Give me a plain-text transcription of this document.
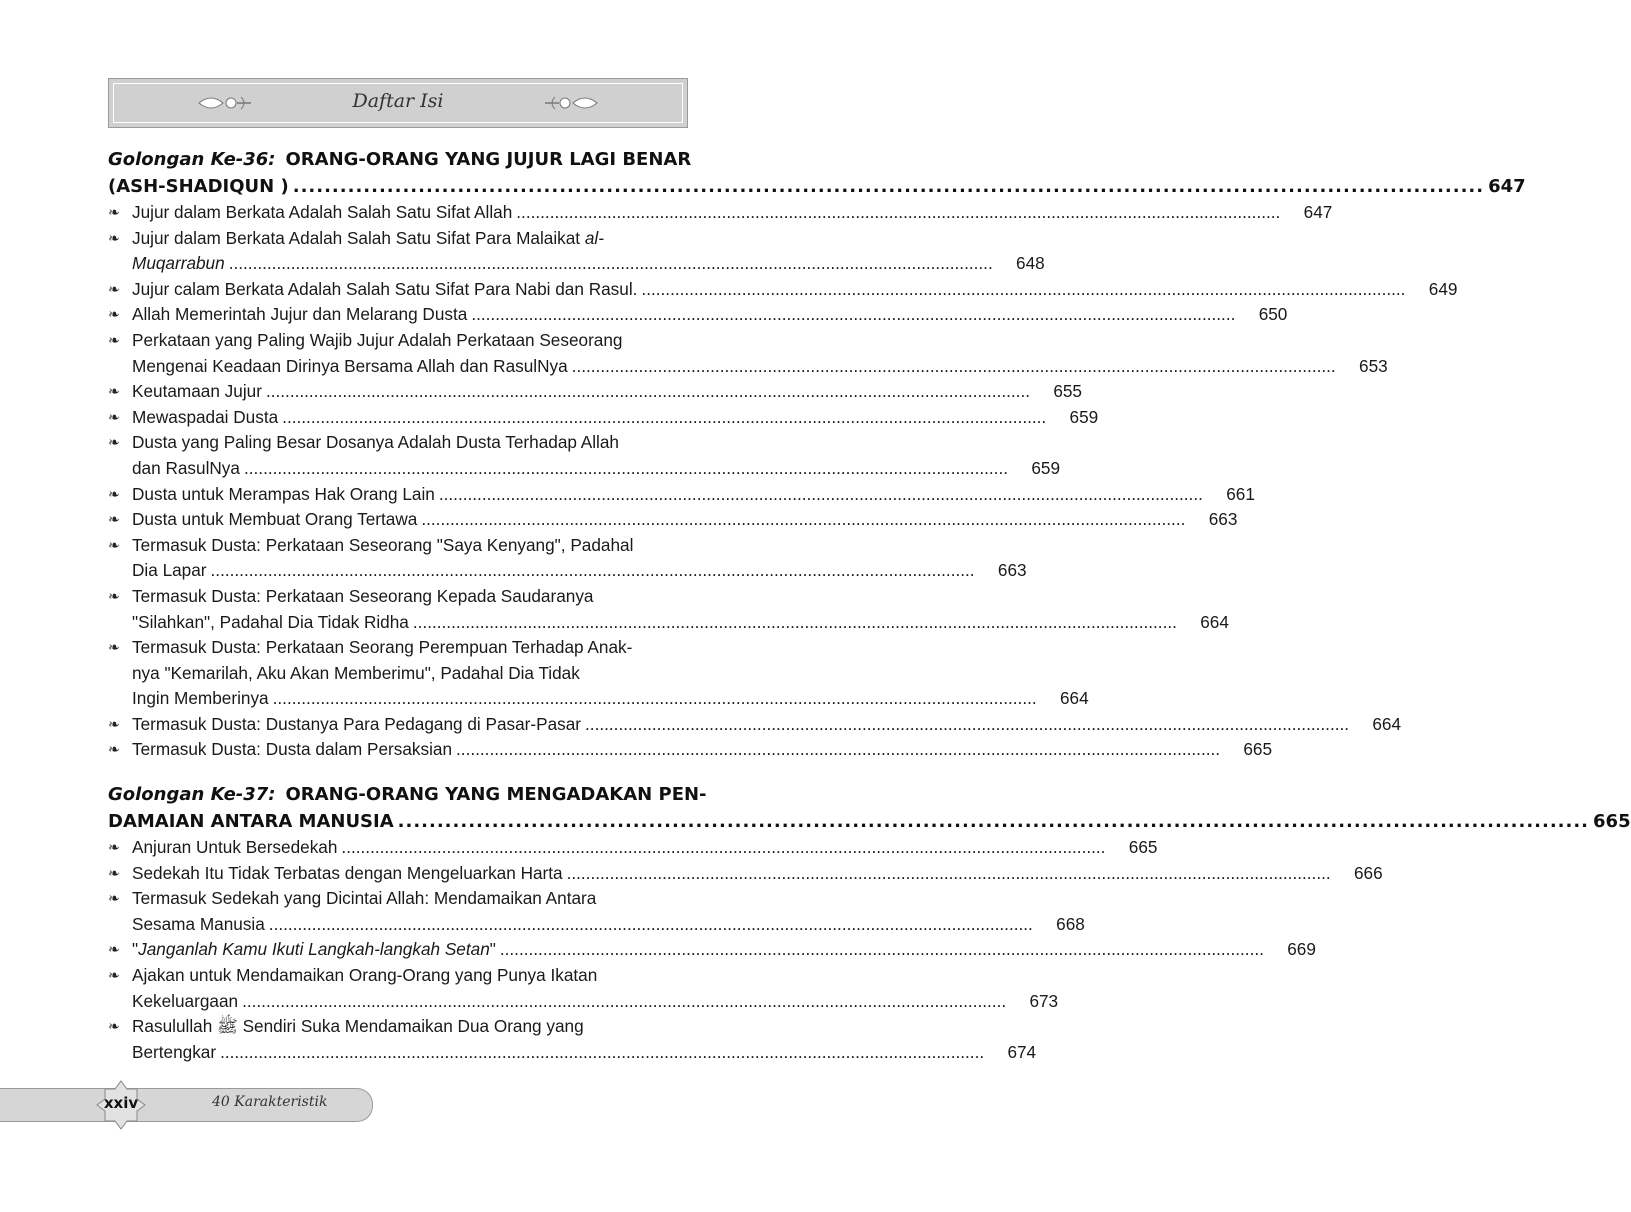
Daftar Isi
Golongan Ke-36: ORANG-ORANG YANG JUJUR LAGI BENAR
(ASH-SHADIQUN ) .....	647
❧ Jujur dalam Berkata Adalah Salah Satu Sifat Allah .....	647
❧ Jujur dalam Berkata Adalah Salah Satu Sifat Para Malaikat al-
Muqarrabun .....	648
❧ Jujur calam Berkata Adalah Salah Satu Sifat Para Nabi dan Rasul. .....	649
❧ Allah Memerintah Jujur dan Melarang Dusta .....	650
❧ Perkataan yang Paling Wajib Jujur Adalah Perkataan Seseorang
Mengenai Keadaan Dirinya Bersama Allah dan RasulNya .....	653
❧ Keutamaan Jujur .....	655
❧ Mewaspadai Dusta .....	659
❧ Dusta yang Paling Besar Dosanya Adalah Dusta Terhadap Allah
dan RasulNya .....	659
❧ Dusta untuk Merampas Hak Orang Lain .....	661
❧ Dusta untuk Membuat Orang Tertawa .....	663
❧ Termasuk Dusta: Perkataan Seseorang "Saya Kenyang", Padahal
Dia Lapar .....	663
❧ Termasuk Dusta: Perkataan Seseorang Kepada Saudaranya
"Silahkan", Padahal Dia Tidak Ridha .....	664
❧ Termasuk Dusta: Perkataan Seorang Perempuan Terhadap Anak-
nya "Kemarilah, Aku Akan Memberimu", Padahal Dia Tidak
Ingin Memberinya .....	664
❧ Termasuk Dusta: Dustanya Para Pedagang di Pasar-Pasar .....	664
❧ Termasuk Dusta: Dusta dalam Persaksian .....	665
Golongan Ke-37: ORANG-ORANG YANG MENGADAKAN PEN-
DAMAIAN ANTARA MANUSIA .....	665
❧ Anjuran Untuk Bersedekah .....	665
❧ Sedekah Itu Tidak Terbatas dengan Mengeluarkan Harta .....	666
❧ Termasuk Sedekah yang Dicintai Allah: Mendamaikan Antara
Sesama Manusia .....	668
❧ "Janganlah Kamu Ikuti Langkah-langkah Setan" .....	669
❧ Ajakan untuk Mendamaikan Orang-Orang yang Punya Ikatan
Kekeluargaan .....	673
❧ Rasulullah ﷺ Sendiri Suka Mendamaikan Dua Orang yang
Bertengkar .....	674
xxiv	40 Karakteristik
